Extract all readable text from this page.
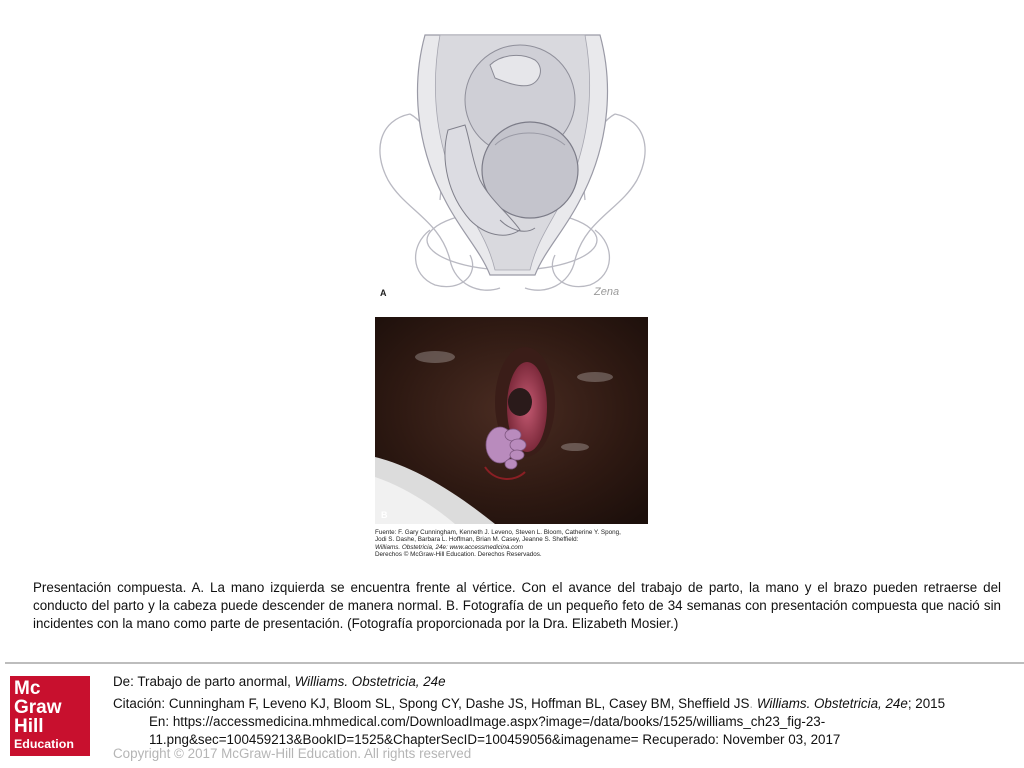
A	Zena
B
Fuente: F. Gary Cunningham, Kenneth J. Leveno, Steven L. Bloom, Catherine Y. Spong,
Jodi S. Dashe, Barbara L. Hoffman, Brian M. Casey, Jeanne S. Sheffield:
Williams. Obstetricia, 24e: www.accessmedicina.com
Derechos © McGraw-Hill Education. Derechos Reservados.
Presentación compuesta. A. La mano izquierda se encuentra frente al vértice. Con el avance del trabajo de parto, la mano y el brazo pueden retraerse del conducto del parto y la cabeza puede descender de manera normal. B. Fotografía de un pequeño feto de 34 semanas con presentación compuesta que nació sin incidentes con la mano como parte de presentación. (Fotografía proporcionada por la Dra. Elizabeth Mosier.)
Mc
Graw
Hill
Education
De: Trabajo de parto anormal, Williams. Obstetricia, 24e
Citación: Cunningham F, Leveno KJ, Bloom SL, Spong CY, Dashe JS, Hoffman BL, Casey BM, Sheffield JS. Williams. Obstetricia, 24e; 2015
En: https://accessmedicina.mhmedical.com/DownloadImage.aspx?image=/data/books/1525/williams_ch23_fig-23-
11.png&sec=100459213&BookID=1525&ChapterSecID=100459056&imagename= Recuperado: November 03, 2017
Copyright © 2017 McGraw-Hill Education. All rights reserved
